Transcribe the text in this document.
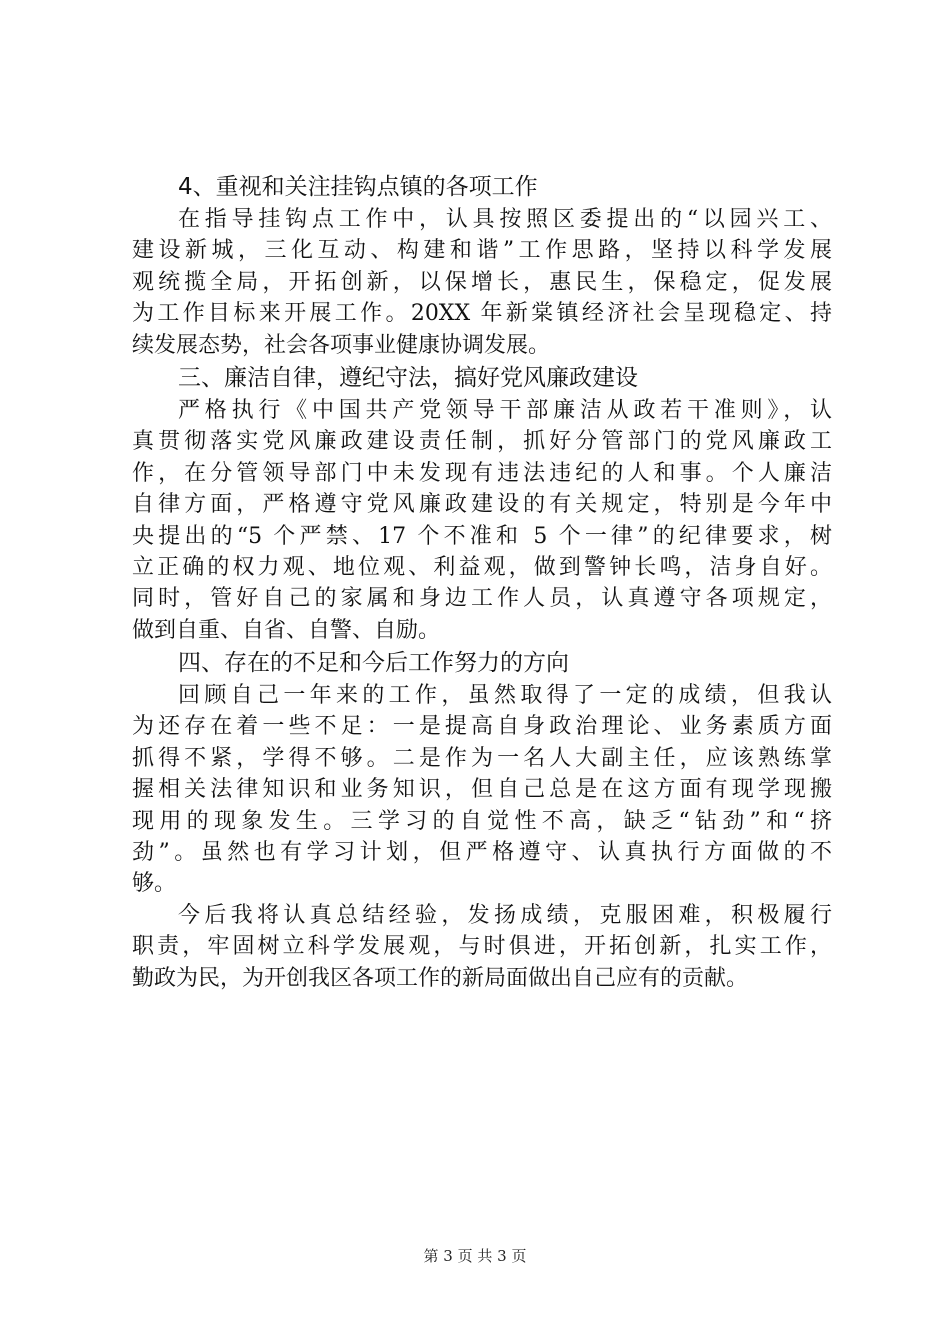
4、重视和关注挂钩点镇的各项工作

在指导挂钩点工作中，认具按照区委提出的“以园兴工、

建设新城，三化互动、构建和谐”工作思路，坚持以科学发展

观统揽全局，开拓创新，以保增长，惠民生，保稳定，促发展

为工作目标来开展工作。20XX 年新棠镇经济社会呈现稳定、持

续发展态势，社会各项事业健康协调发展。

三、廉洁自律，遵纪守法，搞好党风廉政建设

严格执行《中国共产党领导干部廉洁从政若干准则》，认

真贯彻落实党风廉政建设责任制，抓好分管部门的党风廉政工

作，在分管领导部门中未发现有违法违纪的人和事。个人廉洁

自律方面，严格遵守党风廉政建设的有关规定，特别是今年中

央提出的“5 个严禁、17 个不准和 5 个一律”的纪律要求，树

立正确的权力观、地位观、利益观，做到警钟长鸣，洁身自好。

同时，管好自己的家属和身边工作人员，认真遵守各项规定，

做到自重、自省、自警、自励。

四、存在的不足和今后工作努力的方向

回顾自己一年来的工作，虽然取得了一定的成绩，但我认

为还存在着一些不足：一是提高自身政治理论、业务素质方面

抓得不紧，学得不够。二是作为一名人大副主任，应该熟练掌

握相关法律知识和业务知识，但自己总是在这方面有现学现搬

现用的现象发生。三学习的自觉性不高，缺乏“钻劲”和“挤

劲”。虽然也有学习计划，但严格遵守、认真执行方面做的不

够。

今后我将认真总结经验，发扬成绩，克服困难，积极履行

职责，牢固树立科学发展观，与时俱进，开拓创新，扎实工作，

勤政为民，为开创我区各项工作的新局面做出自己应有的贡献。

第 3 页 共 3 页
